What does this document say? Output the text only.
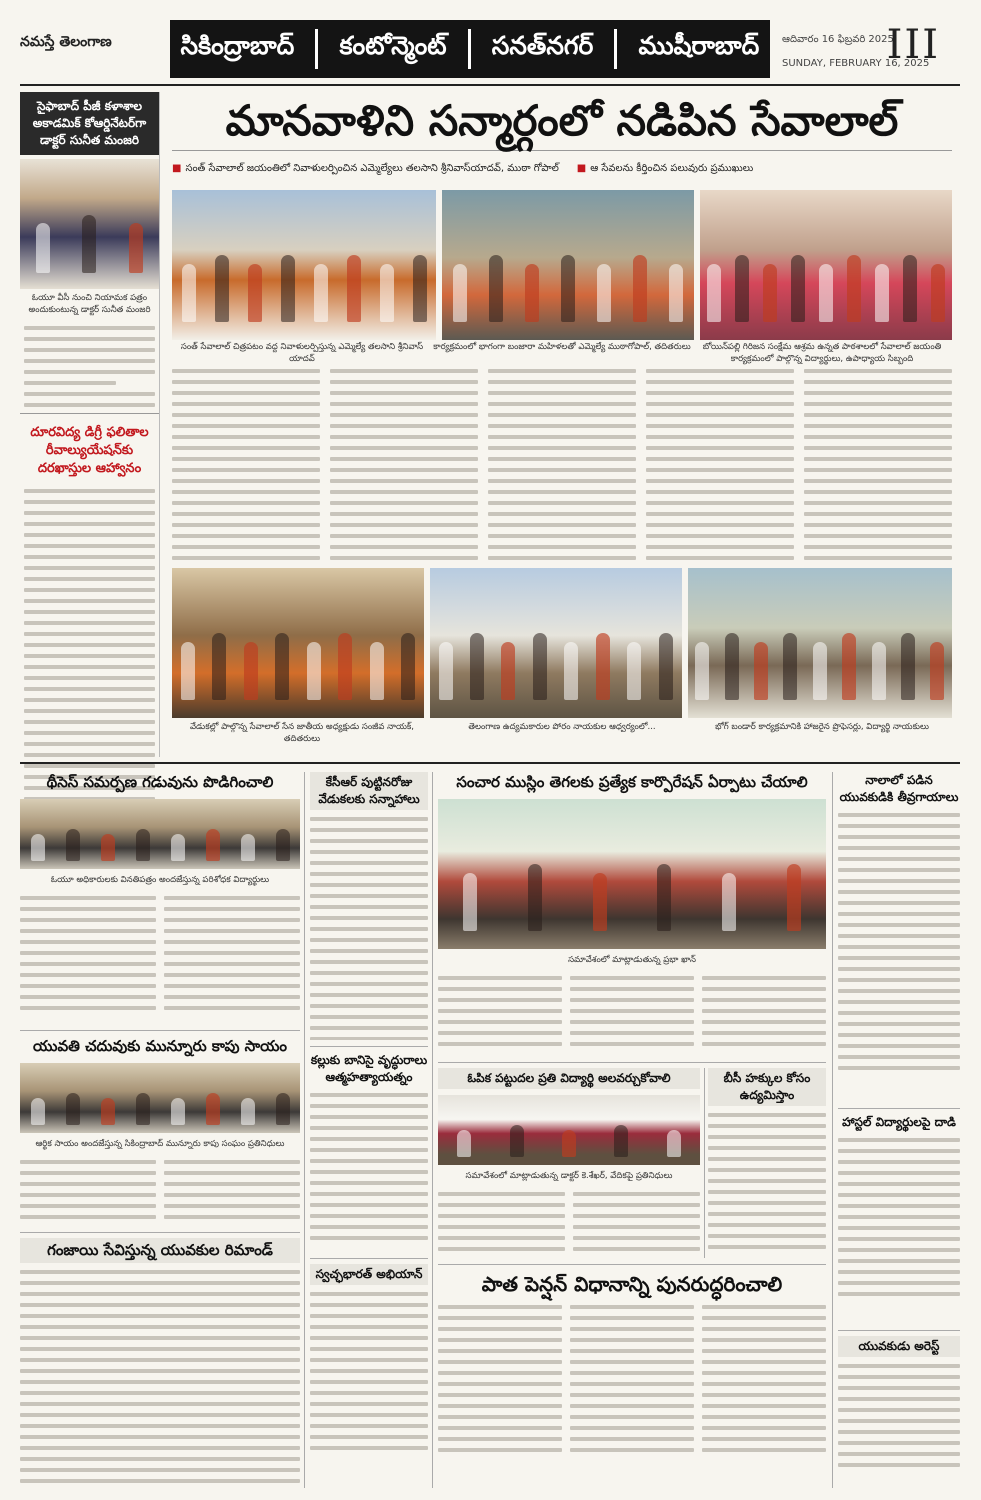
నమస్తే తెలంగాణ	సికింద్రాబాద్ కంటోన్మెంట్ సనత్‌నగర్ ముషీరాబాద్ ఆదివారం 16 ఫిబ్రవరి 2025
SUNDAY, FEBRUARY 16, 2025
III
సైఫాబాద్ పీజీ కళాశాల అకాడమిక్ కోఆర్డినేటర్‌గా డాక్టర్ సునీత మంజరి
ఓయూ వీసీ నుంచి నియామక పత్రం అందుకుంటున్న డాక్టర్ సునీత మంజరి
దూరవిద్య డిగ్రీ ఫలితాల రీవాల్యుయేషన్‌కు దరఖాస్తుల ఆహ్వానం
మానవాళిని సన్మార్గంలో నడిపిన సేవాలాల్
■ సంత్ సేవాలాల్ జయంతిలో నివాళులర్పించిన ఎమ్మెల్యేలు తలసాని శ్రీనివాస్‌యాదవ్, ముఠా గోపాల్ ■ ఆ సేవలను కీర్తించిన పలువురు ప్రముఖులు
సంత్ సేవాలాల్ చిత్రపటం వద్ద నివాళులర్పిస్తున్న ఎమ్మెల్యే తలసాని శ్రీనివాస్ యాదవ్
కార్యక్రమంలో భాగంగా బంజారా మహిళలతో ఎమ్మెల్యే ముఠాగోపాల్, తదితరులు	బోయిన్‌పల్లి గిరిజన సంక్షేమ ఆశ్రమ ఉన్నత పాఠశాలలో సేవాలాల్ జయంతి కార్యక్రమంలో పాల్గొన్న విద్యార్థులు, ఉపాధ్యాయ సిబ్బంది
వేడుకల్లో పాల్గొన్న సేవాలాల్ సేన జాతీయ అధ్యక్షుడు సంజీవ నాయక్, తదితరులు
తెలంగాణ ఉద్యమకారుల పోరం నాయకుల ఆధ్వర్యంలో...	భోగ్ బండార్ కార్యక్రమానికి హాజరైన ప్రొఫెసర్లు, విద్యార్థి నాయకులు
థీసెస్ సమర్పణ గడువును పొడిగించాలి
ఓయూ అధికారులకు వినతిపత్రం అందజేస్తున్న పరిశోధక విద్యార్థులు
యువతి చదువుకు మున్నూరు కాపు సాయం
ఆర్థిక సాయం అందజేస్తున్న సికింద్రాబాద్ మున్నూరు కాపు సంఘం ప్రతినిధులు
గంజాయి సేవిస్తున్న యువకుల రిమాండ్
కేసీఆర్ పుట్టినరోజు వేడుకలకు సన్నాహాలు
కల్లుకు బానిసై వృద్ధురాలు ఆత్మహత్యాయత్నం
స్వచ్ఛభారత్ అభియాన్
సంచార ముస్లిం తెగలకు ప్రత్యేక కార్పొరేషన్ ఏర్పాటు చేయాలి
సమావేశంలో మాట్లాడుతున్న ప్రభా ఖాన్
ఓపిక పట్టుదల ప్రతి విద్యార్థి అలవర్చుకోవాలి
సమావేశంలో మాట్లాడుతున్న డాక్టర్ కె.శేఖర్, వేదికపై ప్రతినిధులు
బీసీ హక్కుల కోసం ఉద్యమిస్తాం
పాత పెన్షన్ విధానాన్ని పునరుద్ధరించాలి
నాలాలో పడిన యువకుడికి తీవ్రగాయాలు
హాస్టల్ విద్యార్థులపై దాడి
యువకుడు అరెస్ట్
